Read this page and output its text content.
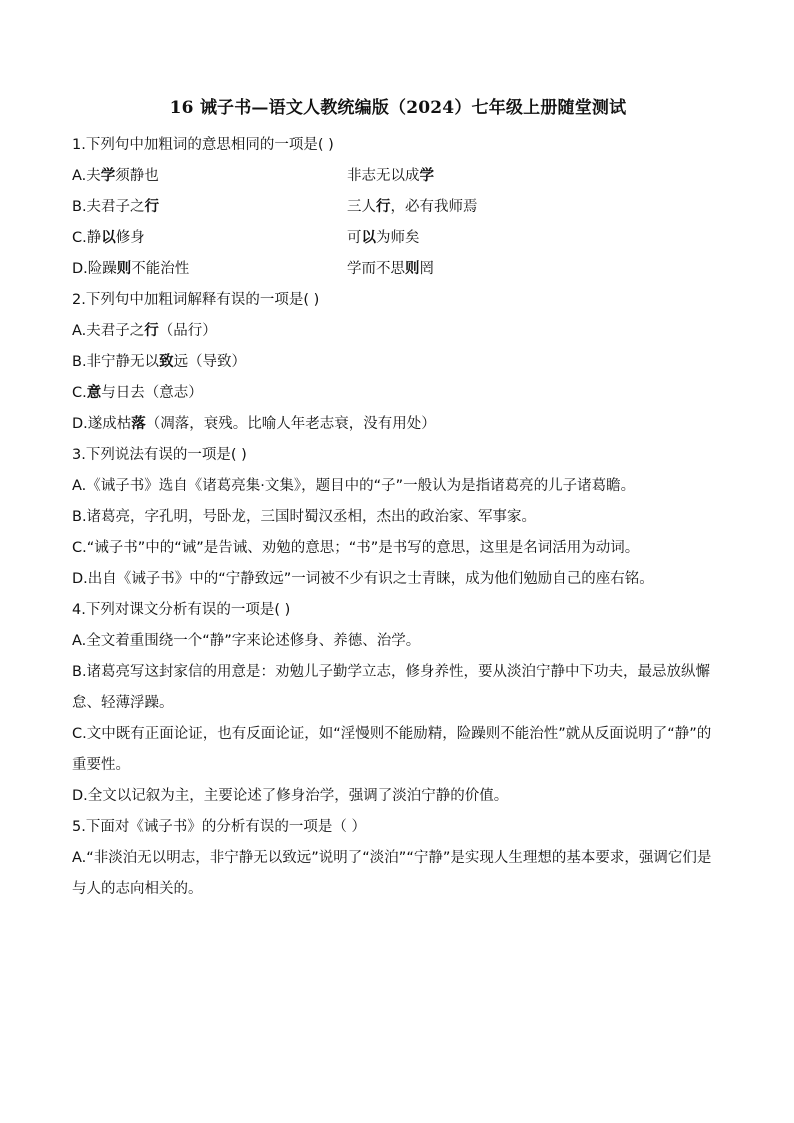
16 诫子书—语文人教统编版（2024）七年级上册随堂测试
1.下列句中加粗词的意思相同的一项是( )
A.夫学须静也	非志无以成学
B.夫君子之行	三人行，必有我师焉
C.静以修身	可以为师矣
D.险躁则不能治性	学而不思则罔
2.下列句中加粗词解释有误的一项是( )
A.夫君子之行（品行）
B.非宁静无以致远（导致）
C.意与日去（意志）
D.遂成枯落（凋落，衰残。比喻人年老志衰，没有用处）
3.下列说法有误的一项是( )
A.《诫子书》选自《诸葛亮集·文集》，题目中的“子”一般认为是指诸葛亮的儿子诸葛瞻。
B.诸葛亮，字孔明，号卧龙，三国时蜀汉丞相，杰出的政治家、军事家。
C.“诫子书”中的“诫”是告诫、劝勉的意思；“书”是书写的意思，这里是名词活用为动词。
D.出自《诫子书》中的“宁静致远”一词被不少有识之士青睐，成为他们勉励自己的座右铭。
4.下列对课文分析有误的一项是( )
A.全文着重围绕一个“静”字来论述修身、养德、治学。
B.诸葛亮写这封家信的用意是：劝勉儿子勤学立志，修身养性，要从淡泊宁静中下功夫，最忌放纵懈怠、轻薄浮躁。
C.文中既有正面论证，也有反面论证，如“淫慢则不能励精，险躁则不能治性”就从反面说明了“静”的重要性。
D.全文以记叙为主，主要论述了修身治学，强调了淡泊宁静的价值。
5.下面对《诫子书》的分析有误的一项是（ ）
A.“非淡泊无以明志，非宁静无以致远”说明了“淡泊”“宁静”是实现人生理想的基本要求，强调它们是与人的志向相关的。
